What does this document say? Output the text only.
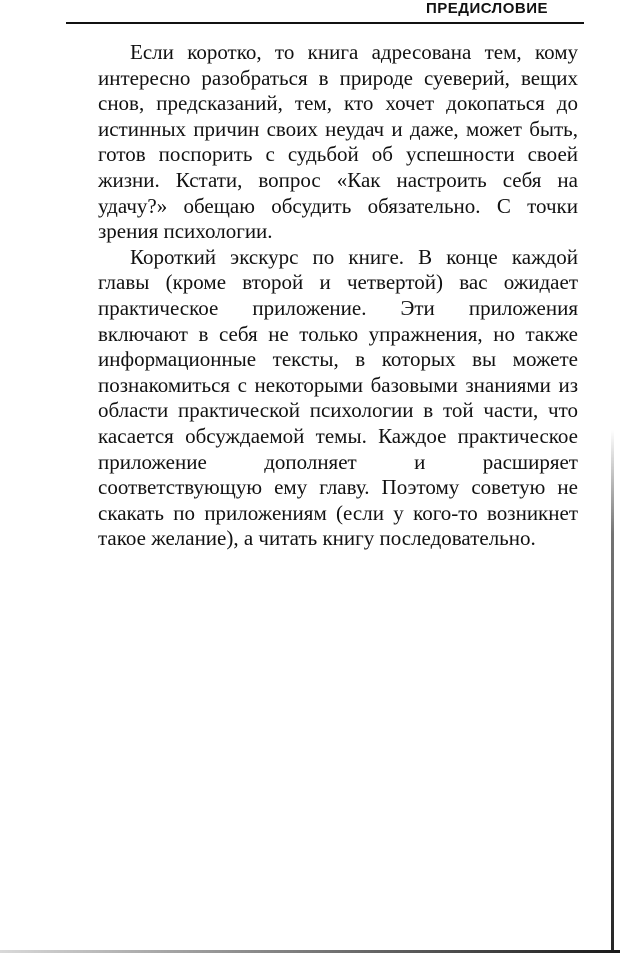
ПРЕДИСЛОВИЕ

Если коротко, то книга адресована тем, кому интересно разобраться в природе суеверий, вещих снов, предсказаний, тем, кто хочет докопаться до истинных причин своих неудач и даже, может быть, готов поспорить с судьбой об успешности своей жизни. Кстати, вопрос «Как настроить себя на удачу?» обещаю обсудить обязательно. С точки зрения психологии.

Короткий экскурс по книге. В конце каждой главы (кроме второй и четвертой) вас ожидает практическое приложение. Эти приложения включают в себя не только упражнения, но также информационные тексты, в которых вы можете познакомиться с некоторыми базовыми знаниями из области практической психологии в той части, что касается обсуждаемой темы. Каждое практическое приложение дополняет и расширяет соответствующую ему главу. Поэтому советую не скакать по приложениям (если у кого-то возникнет такое желание), а читать книгу последовательно.
